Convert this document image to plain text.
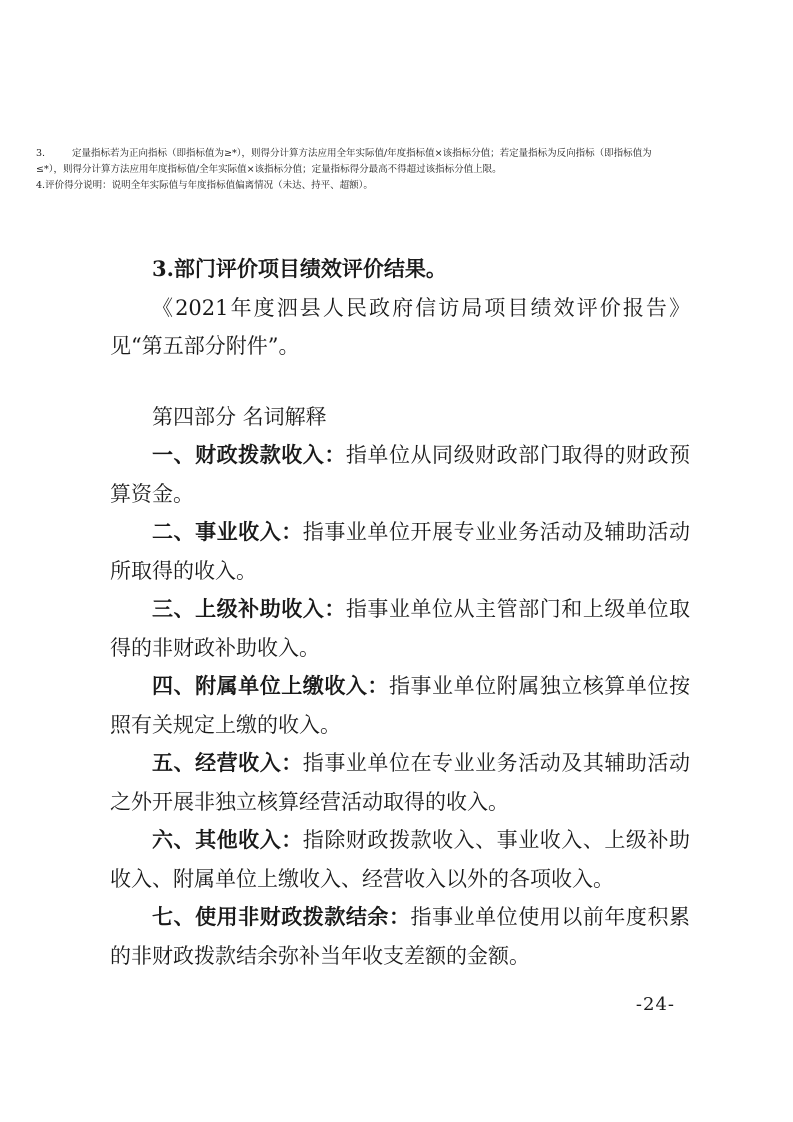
3.	定量指标若为正向指标（即指标值为≥*），则得分计算方法应用全年实际值/年度指标值×该指标分值；若定量指标为反向指标（即指标值为

≤*），则得分计算方法应用年度指标值/全年实际值×该指标分值；定量指标得分最高不得超过该指标分值上限。

4.评价得分说明：说明全年实际值与年度指标值偏离情况（未达、持平、超额）。

3.部门评价项目绩效评价结果。

《2021年度泗县人民政府信访局项目绩效评价报告》见“第五部分附件”。

第四部分 名词解释

一、财政拨款收入：指单位从同级财政部门取得的财政预算资金。

二、事业收入：指事业单位开展专业业务活动及辅助活动所取得的收入。

三、上级补助收入：指事业单位从主管部门和上级单位取得的非财政补助收入。

四、附属单位上缴收入：指事业单位附属独立核算单位按照有关规定上缴的收入。

五、经营收入：指事业单位在专业业务活动及其辅助活动之外开展非独立核算经营活动取得的收入。

六、其他收入：指除财政拨款收入、事业收入、上级补助收入、附属单位上缴收入、经营收入以外的各项收入。

七、使用非财政拨款结余：指事业单位使用以前年度积累的非财政拨款结余弥补当年收支差额的金额。

-24-
